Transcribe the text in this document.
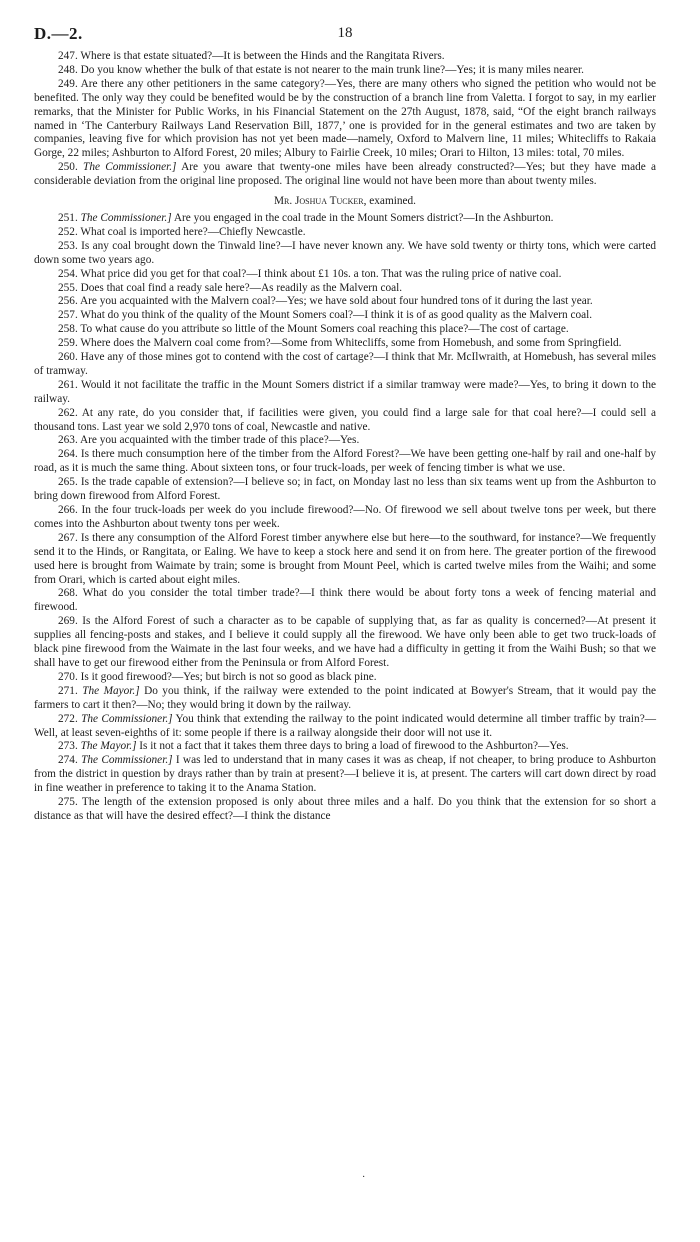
D.—2.	18

247. Where is that estate situated?—It is between the Hinds and the Rangitata Rivers.

248. Do you know whether the bulk of that estate is not nearer to the main trunk line?—Yes; it is many miles nearer.

249. Are there any other petitioners in the same category?—Yes, there are many others who signed the petition who would not be benefited. The only way they could be benefited would be by the construction of a branch line from Valetta. I forgot to say, in my earlier remarks, that the Minister for Public Works, in his Financial Statement on the 27th August, 1878, said, “Of the eight branch railways named in ‘The Canterbury Railways Land Reservation Bill, 1877,’ one is provided for in the general estimates and two are taken by companies, leaving five for which provision has not yet been made—namely, Oxford to Malvern line, 11 miles; Whitecliffs to Rakaia Gorge, 22 miles; Ashburton to Alford Forest, 20 miles; Albury to Fairlie Creek, 10 miles; Orari to Hilton, 13 miles: total, 70 miles.

250. The Commissioner.] Are you aware that twenty-one miles have been already constructed?—Yes; but they have made a considerable deviation from the original line proposed. The original line would not have been more than about twenty miles.

Mr. Joshua Tucker, examined.

251. The Commissioner.] Are you engaged in the coal trade in the Mount Somers district?—In the Ashburton.

252. What coal is imported here?—Chiefly Newcastle.

253. Is any coal brought down the Tinwald line?—I have never known any. We have sold twenty or thirty tons, which were carted down some two years ago.

254. What price did you get for that coal?—I think about £1 10s. a ton. That was the ruling price of native coal.

255. Does that coal find a ready sale here?—As readily as the Malvern coal.

256. Are you acquainted with the Malvern coal?—Yes; we have sold about four hundred tons of it during the last year.

257. What do you think of the quality of the Mount Somers coal?—I think it is of as good quality as the Malvern coal.

258. To what cause do you attribute so little of the Mount Somers coal reaching this place?—The cost of cartage.

259. Where does the Malvern coal come from?—Some from Whitecliffs, some from Homebush, and some from Springfield.

260. Have any of those mines got to contend with the cost of cartage?—I think that Mr. McIlwraith, at Homebush, has several miles of tramway.

261. Would it not facilitate the traffic in the Mount Somers district if a similar tramway were made?—Yes, to bring it down to the railway.

262. At any rate, do you consider that, if facilities were given, you could find a large sale for that coal here?—I could sell a thousand tons. Last year we sold 2,970 tons of coal, Newcastle and native.

263. Are you acquainted with the timber trade of this place?—Yes.

264. Is there much consumption here of the timber from the Alford Forest?—We have been getting one-half by rail and one-half by road, as it is much the same thing. About sixteen tons, or four truck-loads, per week of fencing timber is what we use.

265. Is the trade capable of extension?—I believe so; in fact, on Monday last no less than six teams went up from the Ashburton to bring down firewood from Alford Forest.

266. In the four truck-loads per week do you include firewood?—No. Of firewood we sell about twelve tons per week, but there comes into the Ashburton about twenty tons per week.

267. Is there any consumption of the Alford Forest timber anywhere else but here—to the southward, for instance?—We frequently send it to the Hinds, or Rangitata, or Ealing. We have to keep a stock here and send it on from here. The greater portion of the firewood used here is brought from Waimate by train; some is brought from Mount Peel, which is carted twelve miles from the Waihi; and some from Orari, which is carted about eight miles.

268. What do you consider the total timber trade?—I think there would be about forty tons a week of fencing material and firewood.

269. Is the Alford Forest of such a character as to be capable of supplying that, as far as quality is concerned?—At present it supplies all fencing-posts and stakes, and I believe it could supply all the firewood. We have only been able to get two truck-loads of black pine firewood from the Waimate in the last four weeks, and we have had a difficulty in getting it from the Waihi Bush; so that we shall have to get our firewood either from the Peninsula or from Alford Forest.

270. Is it good firewood?—Yes; but birch is not so good as black pine.

271. The Mayor.] Do you think, if the railway were extended to the point indicated at Bowyer's Stream, that it would pay the farmers to cart it then?—No; they would bring it down by the railway.

272. The Commissioner.] You think that extending the railway to the point indicated would determine all timber traffic by train?—Well, at least seven-eighths of it: some people if there is a railway alongside their door will not use it.

273. The Mayor.] Is it not a fact that it takes them three days to bring a load of firewood to the Ashburton?—Yes.

274. The Commissioner.] I was led to understand that in many cases it was as cheap, if not cheaper, to bring produce to Ashburton from the district in question by drays rather than by train at present?—I believe it is, at present. The carters will cart down direct by road in fine weather in preference to taking it to the Anama Station.

275. The length of the extension proposed is only about three miles and a half. Do you think that the extension for so short a distance as that will have the desired effect?—I think the distance

·
